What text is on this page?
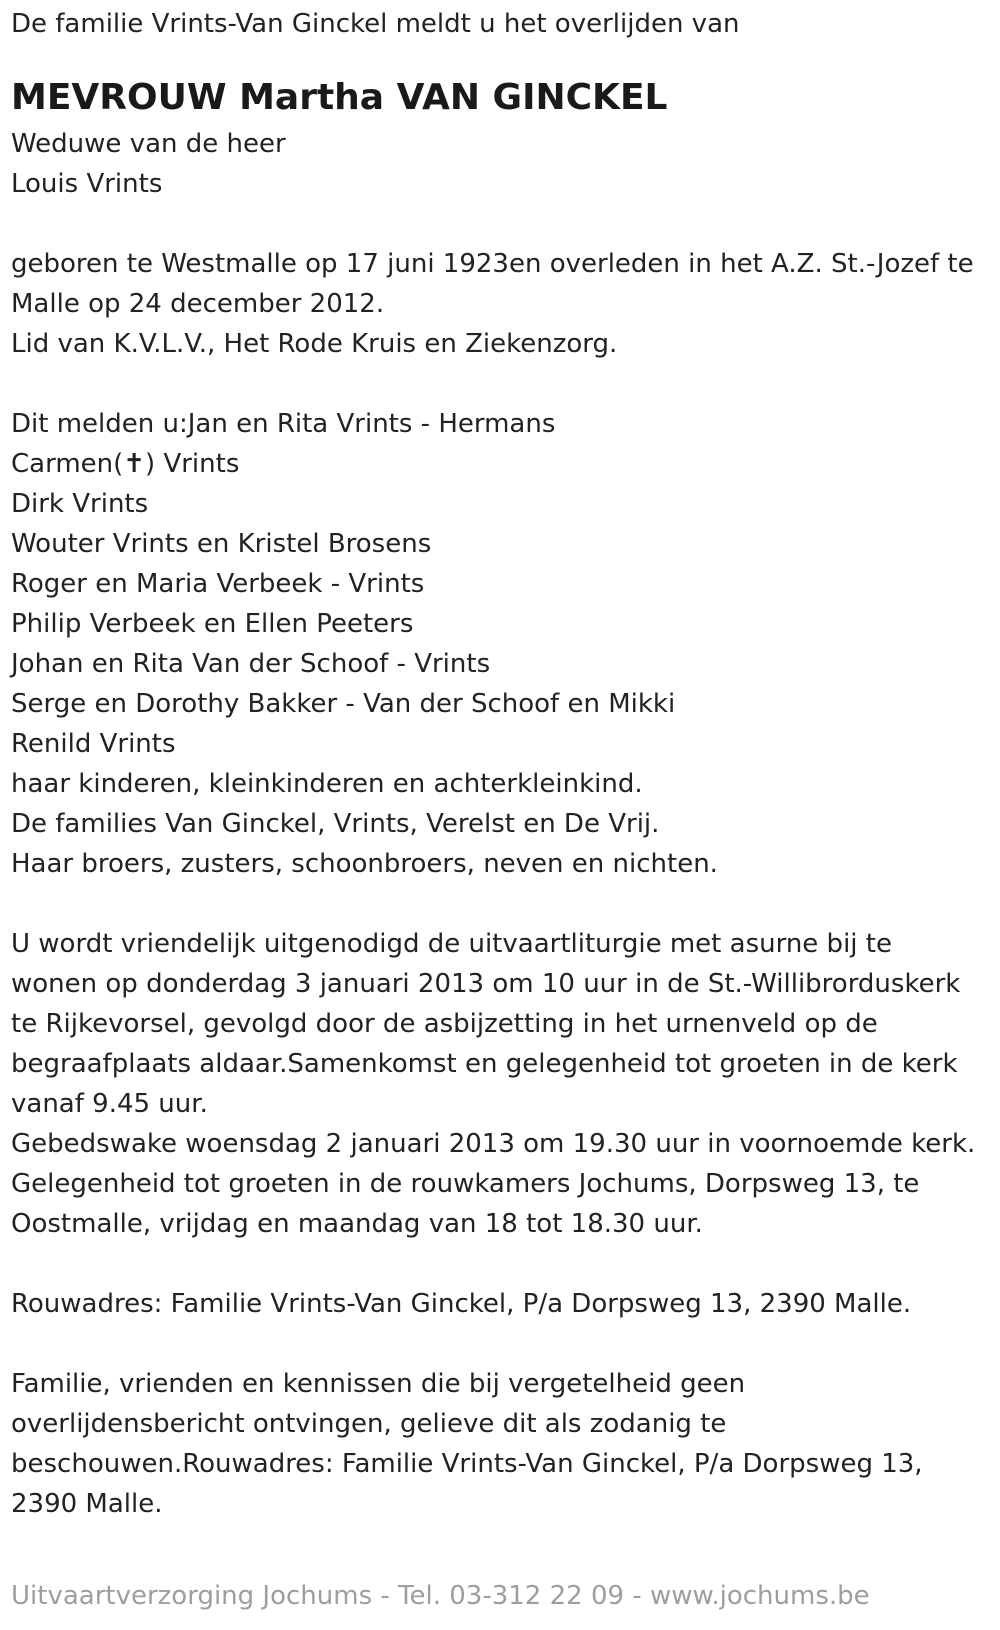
De familie Vrints-Van Ginckel meldt u het overlijden van

MEVROUW Martha VAN GINCKEL
Weduwe van de heer
Louis Vrints
geboren te Westmalle op 17 juni 1923en overleden in het A.Z. St.-Jozef te
Malle op 24 december 2012.
Lid van K.V.L.V., Het Rode Kruis en Ziekenzorg.
Dit melden u:Jan en Rita Vrints - Hermans
Carmen(✝) Vrints
Dirk Vrints
Wouter Vrints en Kristel Brosens
Roger en Maria Verbeek - Vrints
Philip Verbeek en Ellen Peeters
Johan en Rita Van der Schoof - Vrints
Serge en Dorothy Bakker - Van der Schoof en Mikki
Renild Vrints
haar kinderen, kleinkinderen en achterkleinkind.
De families Van Ginckel, Vrints, Verelst en De Vrij.
Haar broers, zusters, schoonbroers, neven en nichten.
U wordt vriendelijk uitgenodigd de uitvaartliturgie met asurne bij te
wonen op donderdag 3 januari 2013 om 10 uur in de St.-Willibrorduskerk
te Rijkevorsel, gevolgd door de asbijzetting in het urnenveld op de
begraafplaats aldaar.Samenkomst en gelegenheid tot groeten in de kerk
vanaf 9.45 uur.
Gebedswake woensdag 2 januari 2013 om 19.30 uur in voornoemde kerk.
Gelegenheid tot groeten in de rouwkamers Jochums, Dorpsweg 13, te
Oostmalle, vrijdag en maandag van 18 tot 18.30 uur.

Rouwadres: Familie Vrints-Van Ginckel, P/a Dorpsweg 13, 2390 Malle.

Familie, vrienden en kennissen die bij vergetelheid geen
overlijdensbericht ontvingen, gelieve dit als zodanig te
beschouwen.Rouwadres: Familie Vrints-Van Ginckel, P/a Dorpsweg 13,
2390 Malle.
Uitvaartverzorging Jochums - Tel. 03-312 22 09 - www.jochums.be
